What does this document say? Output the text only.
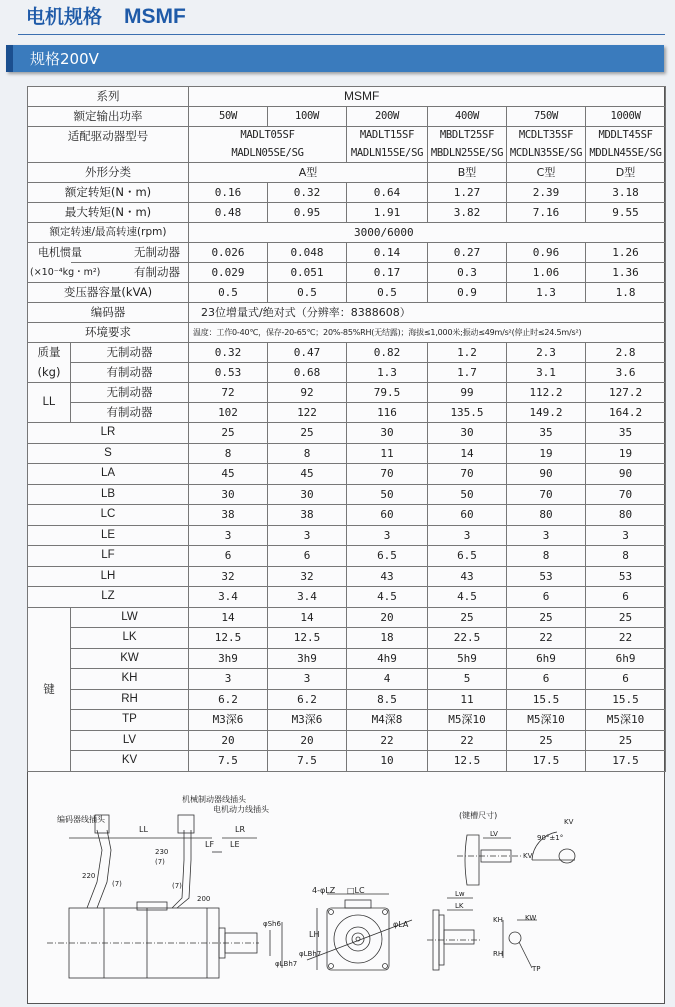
电机规格 MSMF
规格200V
系列		MSMF					
额定输出功率		50W	100W	200W	400W	750W	1000W
适配驱动器型号		MADLT05SF		MADLT15SF	MBDLT25SF	MCDLT35SF	MDDLT45SF
		MADLN05SE/SG		MADLN15SE/SG	MBDLN25SE/SG	MCDLN35SE/SG	MDDLN45SE/SG
外形分类		A型			B型	C型	D型
额定转矩(N・m)		0.16	0.32	0.64	1.27	2.39	3.18
最大转矩(N・m)		0.48	0.95	1.91	3.82	7.16	9.55
额定转速/最高转速(rpm)		3000/6000					
电机惯量	无制动器	0.026	0.048	0.14	0.27	0.96	1.26
(×10⁻⁴kg・m²)	有制动器	0.029	0.051	0.17	0.3	1.06	1.36
变压器容量(kVA)		0.5	0.5	0.5	0.9	1.3	1.8
编码器		23位增量式/绝对式（分辨率：8388608）					
环境要求		温度：工作0-40℃，保存-20-65℃；20%-85%RH(无结露)；海拔≤1,000米;振动≤49m/s²(停止时≤24.5m/s²)					
质量	无制动器	0.32	0.47	0.82	1.2	2.3	2.8
(kg)	有制动器	0.53	0.68	1.3	1.7	3.1	3.6
LL	无制动器	72	92	79.5	99	112.2	127.2
	有制动器	102	122	116	135.5	149.2	164.2
LR		25	25	30	30	35	35
S		8	8	11	14	19	19
LA		45	45	70	70	90	90
LB		30	30	50	50	70	70
LC		38	38	60	60	80	80
LE		3	3	3	3	3	3
LF		6	6	6.5	6.5	8	8
LH		32	32	43	43	53	53
LZ		3.4	3.4	4.5	4.5	6	6
键	LW	14	14	20	25	25	25
	LK	12.5	12.5	18	22.5	22	22
	KW	3h9	3h9	4h9	5h9	6h9	6h9
	KH	3	3	4	5	6	6
	RH	6.2	6.2	8.5	11	15.5	15.5
	TP	M3深6	M3深6	M4深8	M5深10	M5深10	M5深10
	LV	20	20	22	22	25	25
	KV	7.5	7.5	10	12.5	17.5	17.5
编码器线插头
机械制动器线插头
电机动力线插头
LL	LR
LF LE
220
200
(7)	(7)
230
(7)
φSh6
φLBh7
φLBh7
4-φLZ □LC
LH
φLA
(键槽尺寸)
LV
KV
KV
90°±1°
Lw
LK
KH	KW
RH
TP
